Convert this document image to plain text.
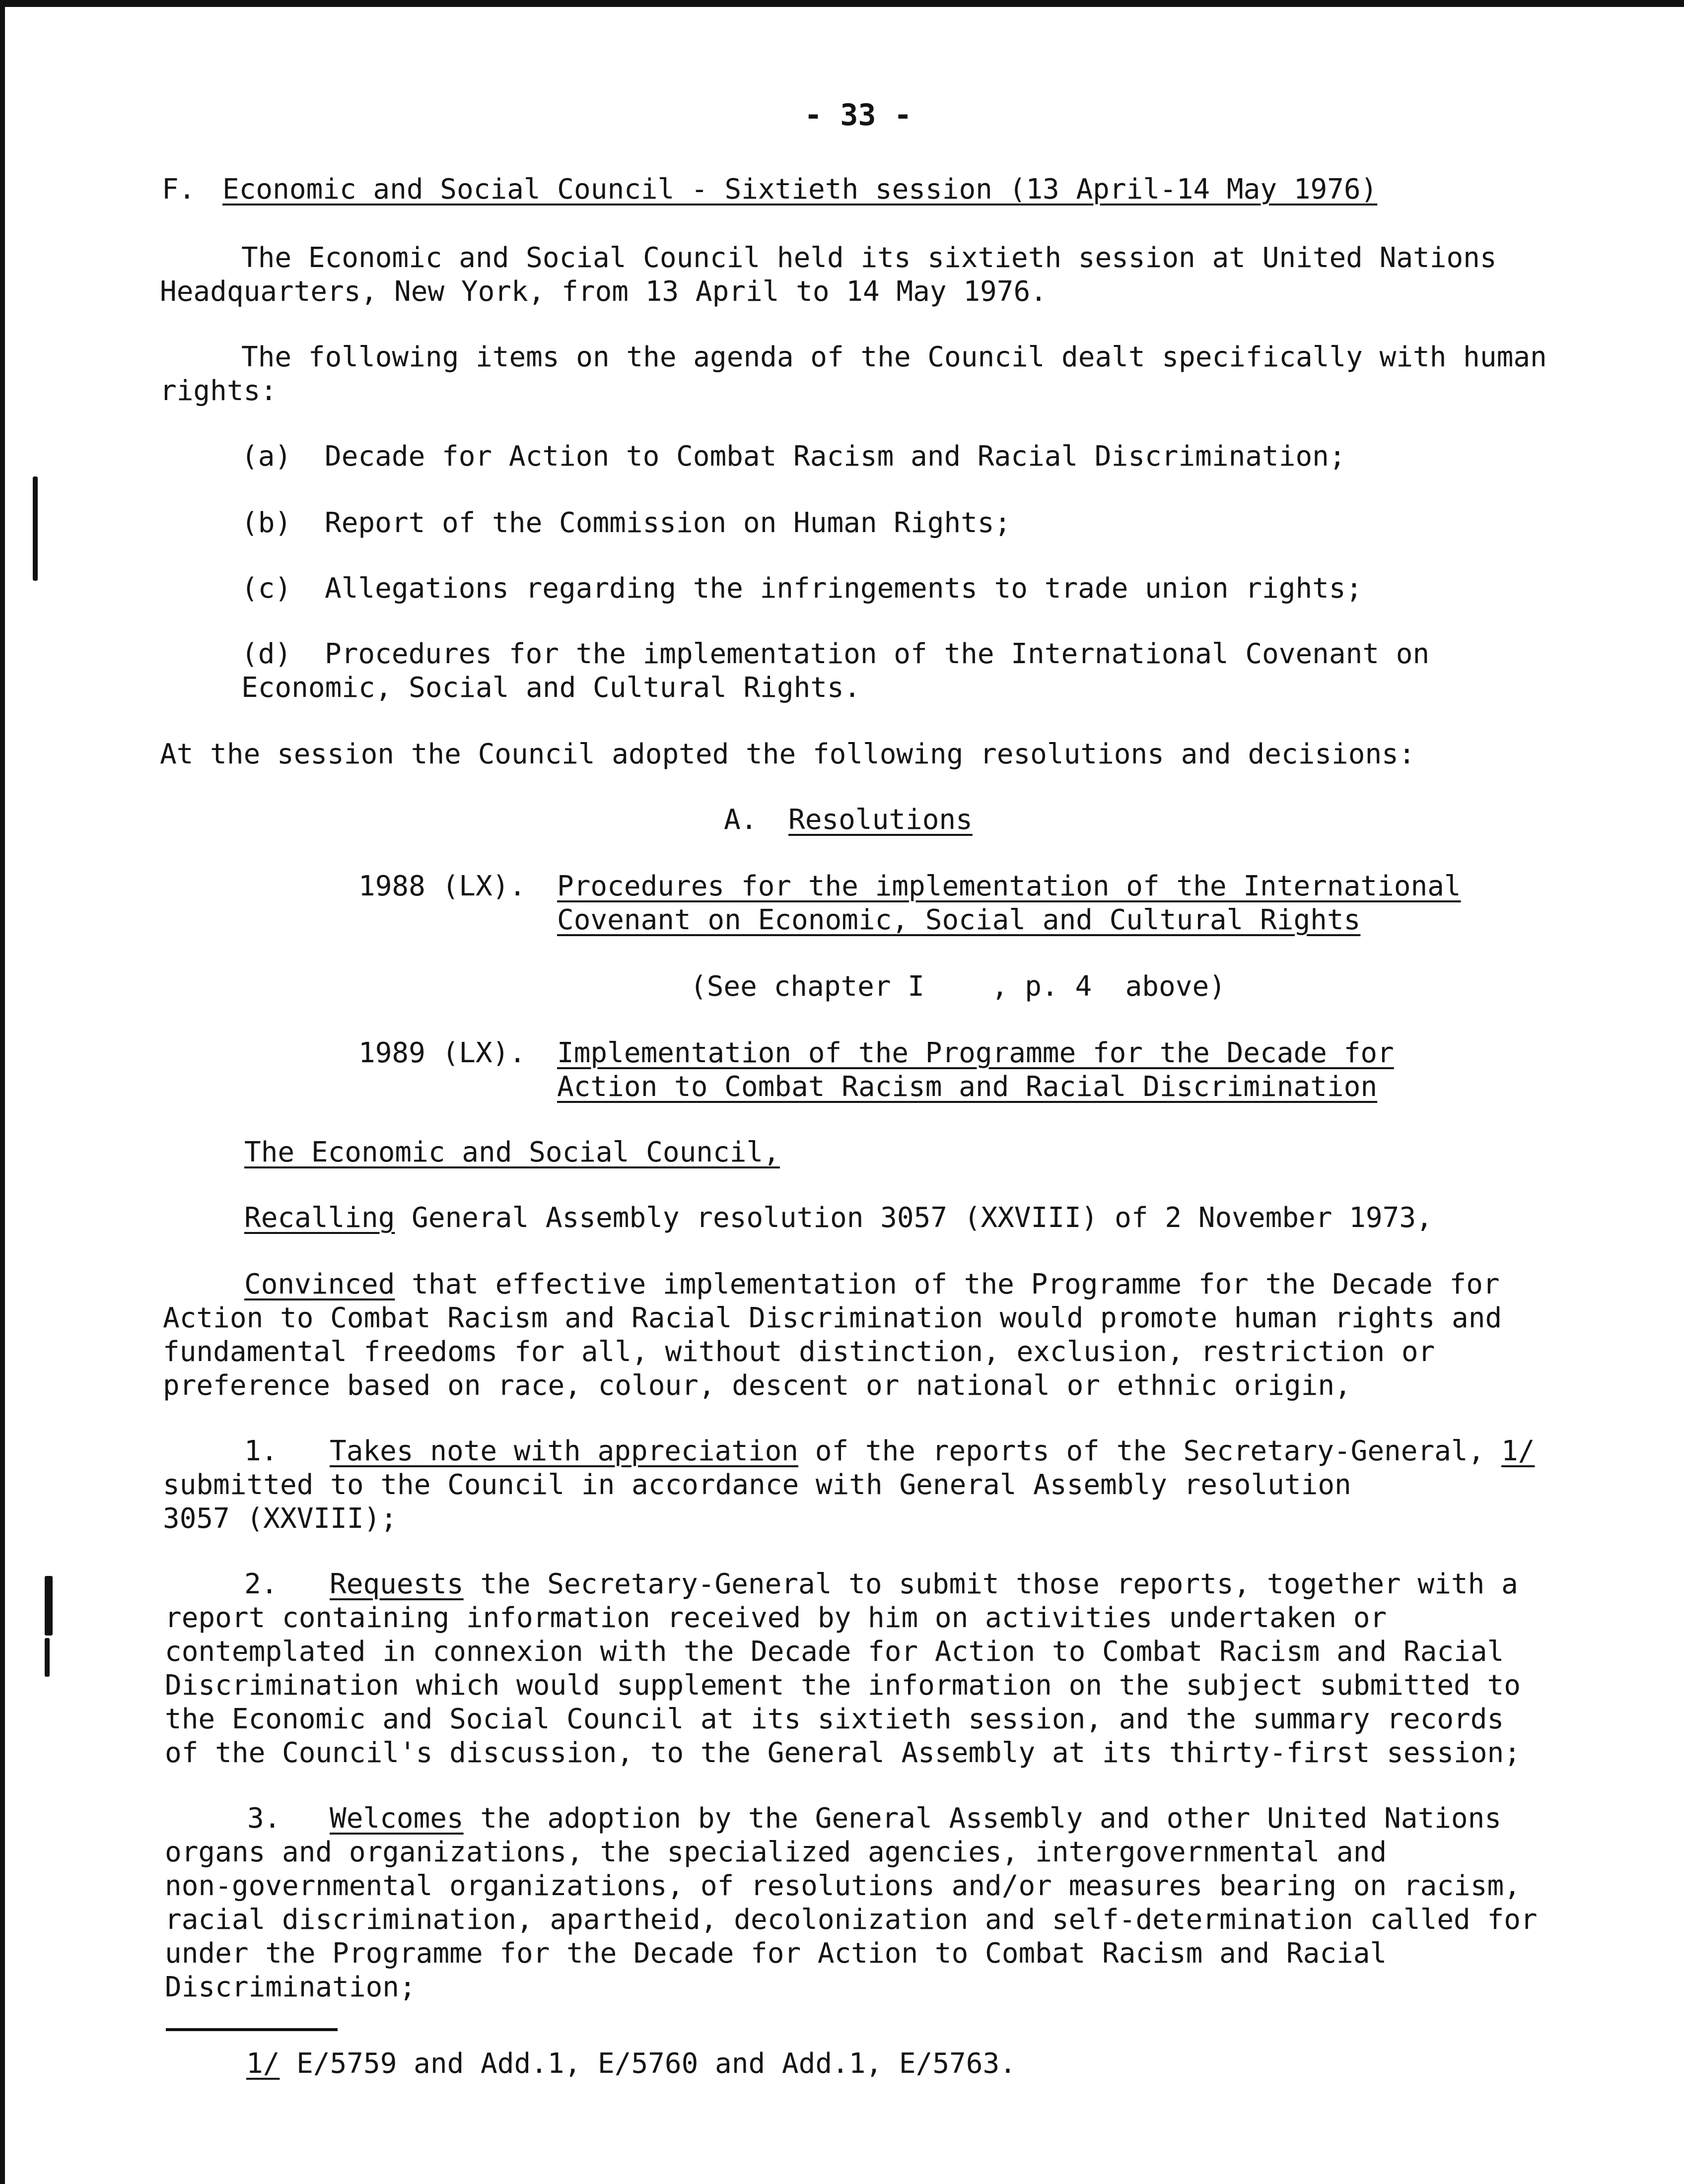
- 33 -
F. Economic and Social Council - Sixtieth session (13 April-14 May 1976)
The Economic and Social Council held its sixtieth session at United Nations
Headquarters, New York, from 13 April to 14 May 1976.
The following items on the agenda of the Council dealt specifically with human
rights:
(a) Decade for Action to Combat Racism and Racial Discrimination;
(b) Report of the Commission on Human Rights;
(c) Allegations regarding the infringements to trade union rights;
(d) Procedures for the implementation of the International Covenant on
Economic, Social and Cultural Rights.
At the session the Council adopted the following resolutions and decisions:
A. Resolutions
1988 (LX). Procedures for the implementation of the International
Covenant on Economic, Social and Cultural Rights
(See chapter I    , p. 4  above)
1989 (LX). Implementation of the Programme for the Decade for
Action to Combat Racism and Racial Discrimination
The Economic and Social Council,
Recalling General Assembly resolution 3057 (XXVIII) of 2 November 1973,
Convinced that effective implementation of the Programme for the Decade for
Action to Combat Racism and Racial Discrimination would promote human rights and
fundamental freedoms for all, without distinction, exclusion, restriction or
preference based on race, colour, descent or national or ethnic origin,
1. Takes note with appreciation of the reports of the Secretary-General, 1/
submitted to the Council in accordance with General Assembly resolution
3057 (XXVIII);
2. Requests the Secretary-General to submit those reports, together with a
report containing information received by him on activities undertaken or
contemplated in connexion with the Decade for Action to Combat Racism and Racial
Discrimination which would supplement the information on the subject submitted to
the Economic and Social Council at its sixtieth session, and the summary records
of the Council's discussion, to the General Assembly at its thirty-first session;
3. Welcomes the adoption by the General Assembly and other United Nations
organs and organizations, the specialized agencies, intergovernmental and
non-governmental organizations, of resolutions and/or measures bearing on racism,
racial discrimination, apartheid, decolonization and self-determination called for
under the Programme for the Decade for Action to Combat Racism and Racial
Discrimination;
1/ E/5759 and Add.1, E/5760 and Add.1, E/5763.
